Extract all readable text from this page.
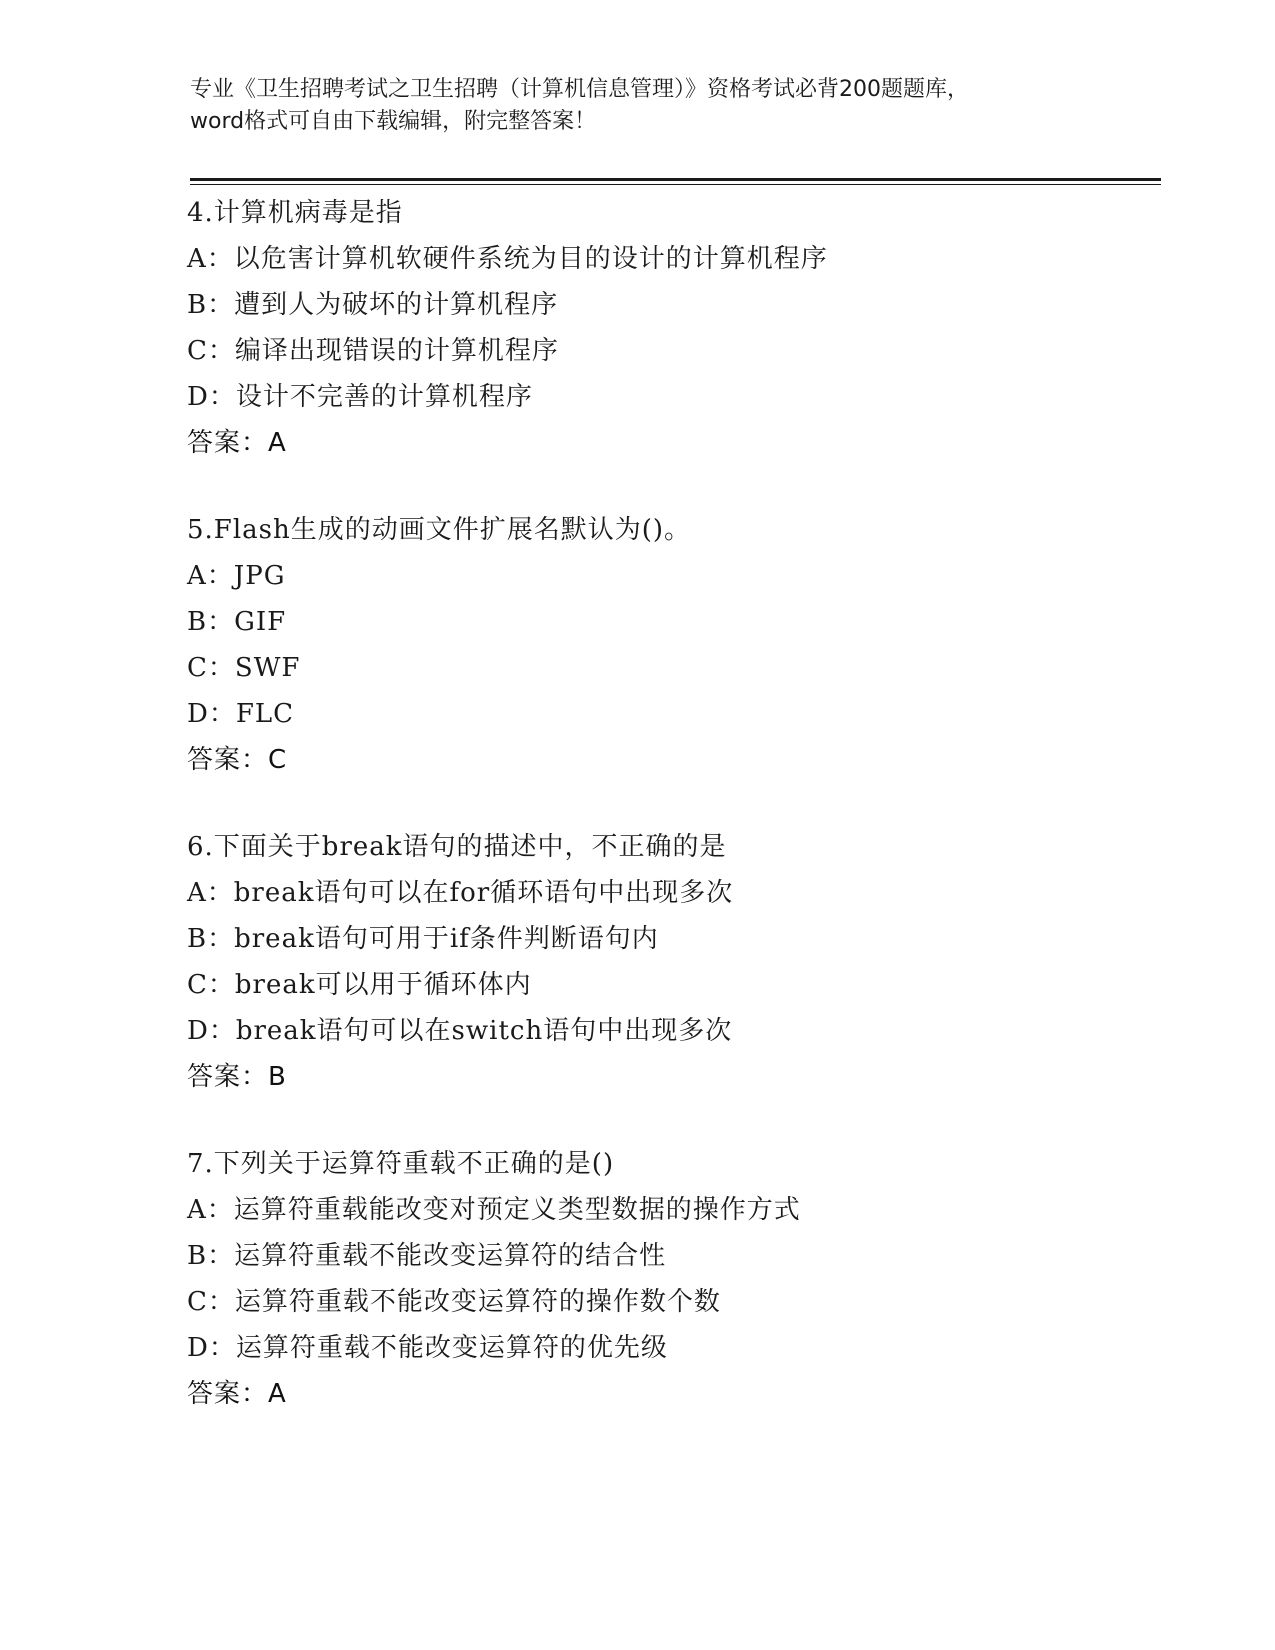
专业《卫生招聘考试之卫生招聘（计算机信息管理）》资格考试必背200题题库，
word格式可自由下载编辑，附完整答案！
4.计算机病毒是指
A：以危害计算机软硬件系统为目的设计的计算机程序
B：遭到人为破坏的计算机程序
C：编译出现错误的计算机程序
D：设计不完善的计算机程序
答案：A
5.Flash生成的动画文件扩展名默认为()。
A：JPG
B：GIF
C：SWF
D：FLC
答案：C
6.下面关于break语句的描述中，不正确的是
A：break语句可以在for循环语句中出现多次
B：break语句可用于if条件判断语句内
C：break可以用于循环体内
D：break语句可以在switch语句中出现多次
答案：B
7.下列关于运算符重载不正确的是()
A：运算符重载能改变对预定义类型数据的操作方式
B：运算符重载不能改变运算符的结合性
C：运算符重载不能改变运算符的操作数个数
D：运算符重载不能改变运算符的优先级
答案：A
